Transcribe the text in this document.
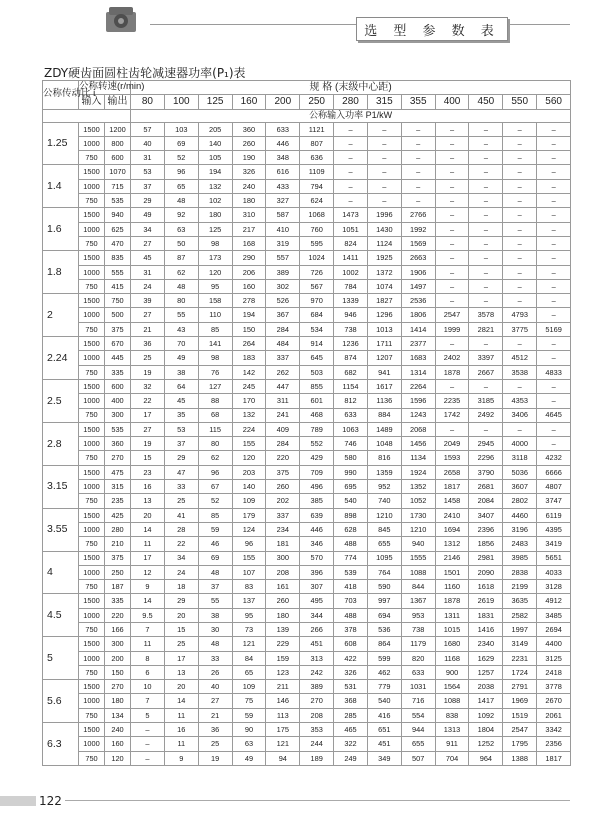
选 型 参 数 表
ZDY硬齿面圆柱齿轮减速器功率(P₁)表
公称传动比 i	公称转速(r/min)		规 格 (末级中心距)												
			80	100	125	160	200	250	280	315	355	400	450	550	560
	输入	输出													
			公称输入功率 P1/kW												
1.25	1500	1200	57	103	205	360	633	1121	–	–	–	–	–	–	–
	1000	800	40	69	140	260	446	807	–	–	–	–	–	–	–
	750	600	31	52	105	190	348	636	–	–	–	–	–	–	–
1.4	1500	1070	53	96	194	326	616	1109	–	–	–	–	–	–	–
	1000	715	37	65	132	240	433	794	–	–	–	–	–	–	–
	750	535	29	48	102	180	327	624	–	–	–	–	–	–	–
1.6	1500	940	49	92	180	310	587	1068	1473	1996	2766	–	–	–	–
	1000	625	34	63	125	217	410	760	1051	1430	1992	–	–	–	–
	750	470	27	50	98	168	319	595	824	1124	1569	–	–	–	–
1.8	1500	835	45	87	173	290	557	1024	1411	1925	2663	–	–	–	–
	1000	555	31	62	120	206	389	726	1002	1372	1906	–	–	–	–
	750	415	24	48	95	160	302	567	784	1074	1497	–	–	–	–
2	1500	750	39	80	158	278	526	970	1339	1827	2536	–	–	–	–
	1000	500	27	55	110	194	367	684	946	1296	1806	2547	3578	4793	–
	750	375	21	43	85	150	284	534	738	1013	1414	1999	2821	3775	5169
2.24	1500	670	36	70	141	264	484	914	1236	1711	2377	–	–	–	–
	1000	445	25	49	98	183	337	645	874	1207	1683	2402	3397	4512	–
	750	335	19	38	76	142	262	503	682	941	1314	1878	2667	3538	4833
2.5	1500	600	32	64	127	245	447	855	1154	1617	2264	–	–	–	–
	1000	400	22	45	88	170	311	601	812	1136	1596	2235	3185	4353	–
	750	300	17	35	68	132	241	468	633	884	1243	1742	2492	3406	4645
2.8	1500	535	27	53	115	224	409	789	1063	1489	2068	–	–	–	–
	1000	360	19	37	80	155	284	552	746	1048	1456	2049	2945	4000	–
	750	270	15	29	62	120	220	429	580	816	1134	1593	2296	3118	4232
3.15	1500	475	23	47	96	203	375	709	990	1359	1924	2658	3790	5036	6666
	1000	315	16	33	67	140	260	496	695	952	1352	1817	2681	3607	4807
	750	235	13	25	52	109	202	385	540	740	1052	1458	2084	2802	3747
3.55	1500	425	20	41	85	179	337	639	898	1210	1730	2410	3407	4460	6119
	1000	280	14	28	59	124	234	446	628	845	1210	1694	2396	3196	4395
	750	210	11	22	46	96	181	346	488	655	940	1312	1856	2483	3419
4	1500	375	17	34	69	155	300	570	774	1095	1555	2146	2981	3985	5651
	1000	250	12	24	48	107	208	396	539	764	1088	1501	2090	2838	4033
	750	187	9	18	37	83	161	307	418	590	844	1160	1618	2199	3128
4.5	1500	335	14	29	55	137	260	495	703	997	1367	1878	2619	3635	4912
	1000	220	9.5	20	38	95	180	344	488	694	953	1311	1831	2582	3485
	750	166	7	15	30	73	139	266	378	536	738	1015	1416	1997	2694
5	1500	300	11	25	48	121	229	451	608	864	1179	1680	2340	3149	4400
	1000	200	8	17	33	84	159	313	422	599	820	1168	1629	2231	3125
	750	150	6	13	26	65	123	242	326	462	633	900	1257	1724	2418
5.6	1500	270	10	20	40	109	211	389	531	779	1031	1564	2038	2791	3778
	1000	180	7	14	27	75	146	270	368	540	716	1088	1417	1969	2670
	750	134	5	11	21	59	113	208	285	416	554	838	1092	1519	2061
6.3	1500	240	–	16	36	90	175	353	465	651	944	1313	1804	2547	3342
	1000	160	–	11	25	63	121	244	322	451	655	911	1252	1795	2356
	750	120	–	9	19	49	94	189	249	349	507	704	964	1388	1817
122
